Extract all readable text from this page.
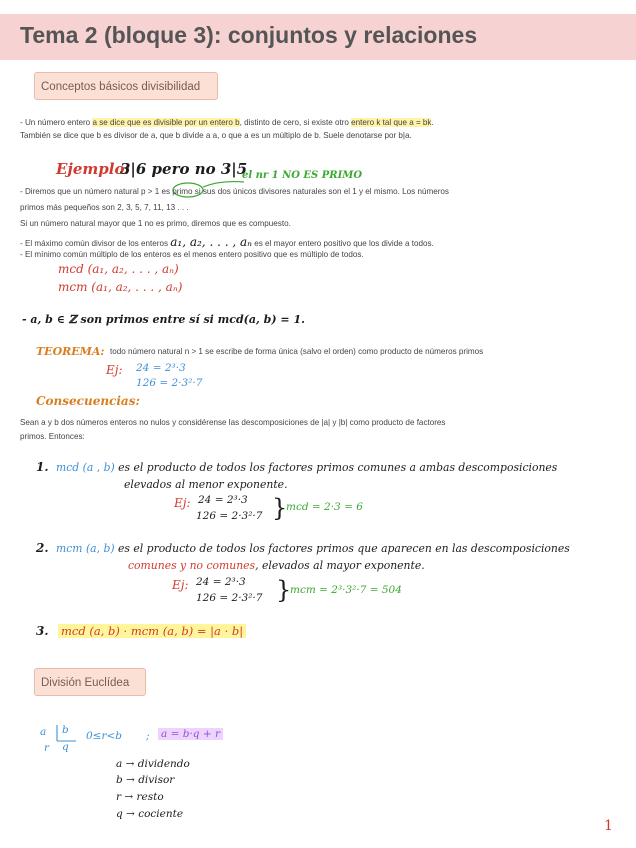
Tema 2 (bloque 3): conjuntos y relaciones
Conceptos básicos divisibilidad
- Un número entero a se dice que es divisible por un entero b, distinto de cero, si existe otro entero k tal que a = bk.
También se dice que b es divisor de a, que b divide a a, o que a es un múltiplo de b. Suele denotarse por b|a.
Ejemplo:
3|6 pero no 3|5
el nr 1 NO ES PRIMO
- Diremos que un número natural p > 1 es primo si sus dos únicos divisores naturales son el 1 y el mismo. Los números
primos más pequeños son 2, 3, 5, 7, 11, 13 . . .
Si un número natural mayor que 1 no es primo, diremos que es compuesto.
- El máximo común divisor de los enteros a₁, a₂, . . . , aₙ es el mayor entero positivo que los divide a todos.
- El mínimo común múltiplo de los enteros es el menos entero positivo que es múltiplo de todos.
mcd (a₁, a₂, . . . , aₙ)
mcm (a₁, a₂, . . . , aₙ)
- a, b ∈ ℤ son primos entre sí si mcd(a, b) = 1.
TEOREMA: todo número natural n > 1 se escribe de forma única (salvo el orden) como producto de números primos
Ej: 24 = 2³·3
126 = 2·3²·7
Consecuencias:
Sean a y b dos números enteros no nulos y considérense las descomposiciones de |a| y |b| como producto de factores
primos. Entonces:
1. mcd (a , b) es el producto de todos los factores primos comunes a ambas descomposiciones
elevados al menor exponente.
Ej: 24 = 2³·3
126 = 2·3²·7 }
mcd = 2·3 = 6
2. mcm (a, b) es el producto de todos los factores primos que aparecen en las descomposiciones
comunes y no comunes, elevados al mayor exponente.
Ej: 24 = 2³·3
126 = 2·3²·7 }
mcm = 2³·3²·7 = 504
3. mcd (a, b) · mcm (a, b) = |a · b|
División Euclídea
a b
r q
0≤r<b ; a = b·q + r
a → dividendo
b → divisor
r → resto
q → cociente
1
